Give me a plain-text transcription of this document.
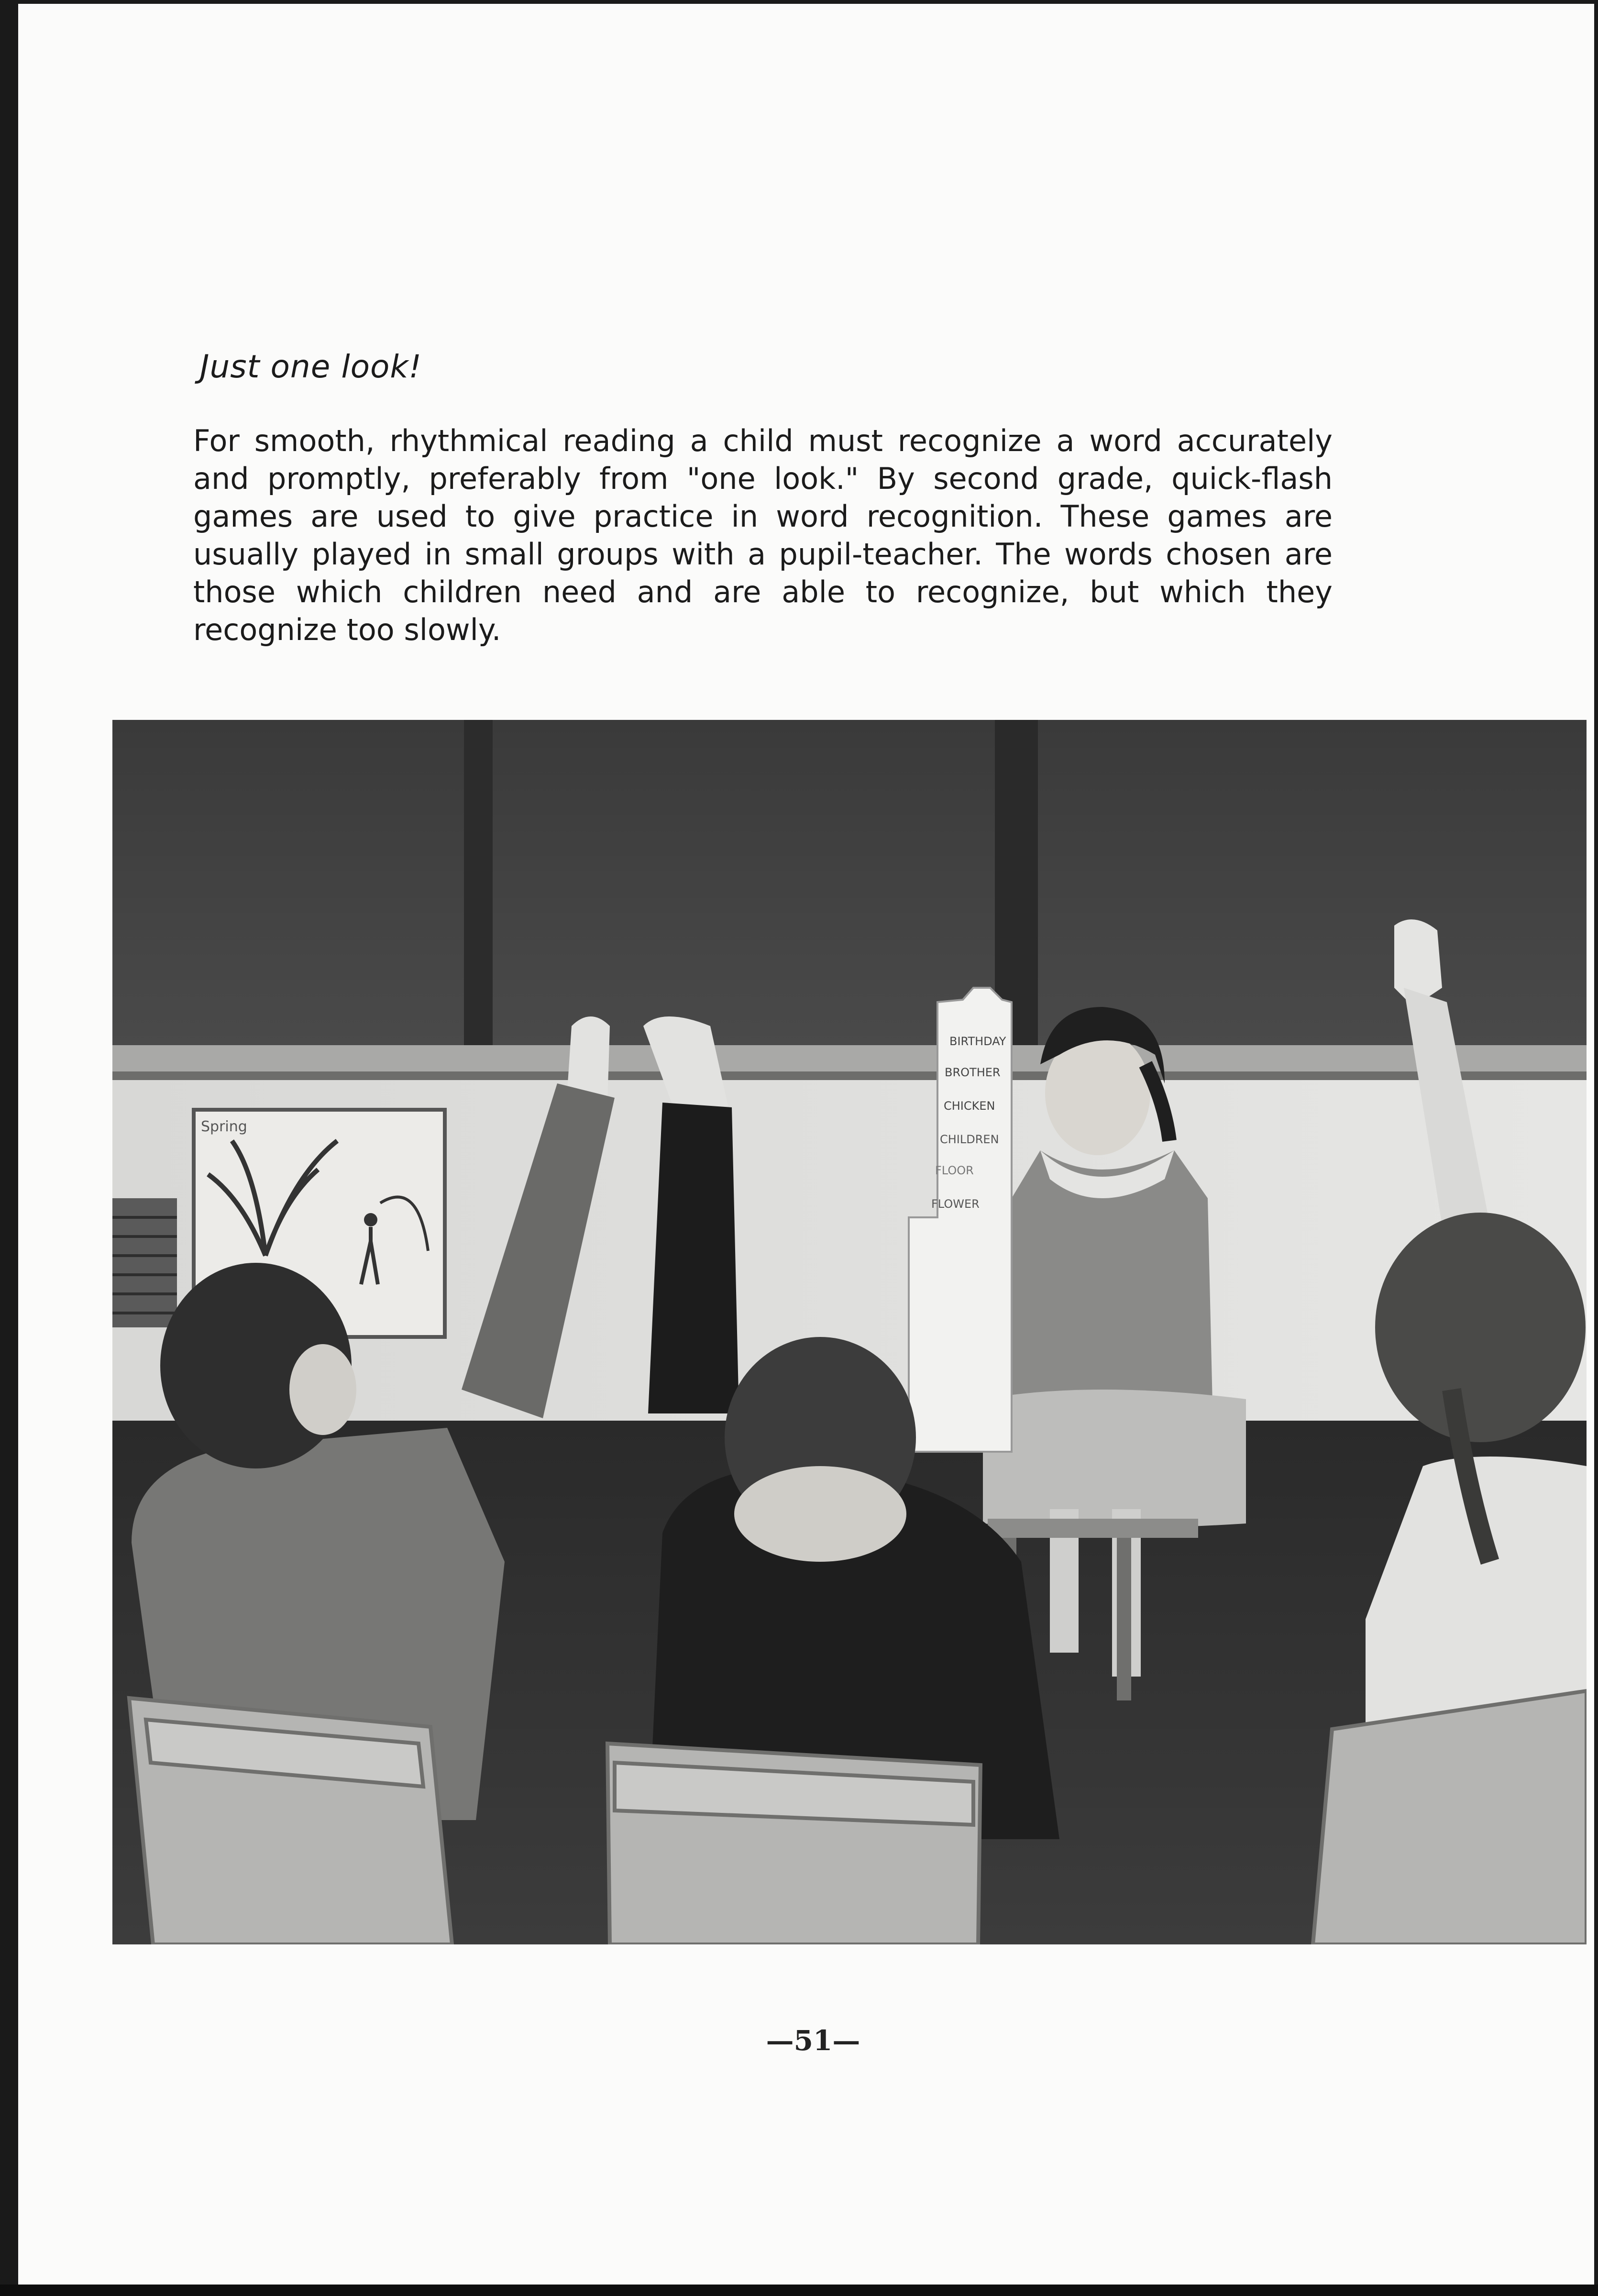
Just one look!

For smooth, rhythmical reading a child must recognize a word accurately and promptly, preferably from "one look." By second grade, quick-flash games are used to give practice in word recognition. These games are usually played in small groups with a pupil-teacher. The words chosen are those which children need and are able to recognize, but which they recognize too slowly.

Spring
BIRTHDAY
BROTHER
CHICKEN
CHILDREN
FLOOR
FLOWER

—51—
